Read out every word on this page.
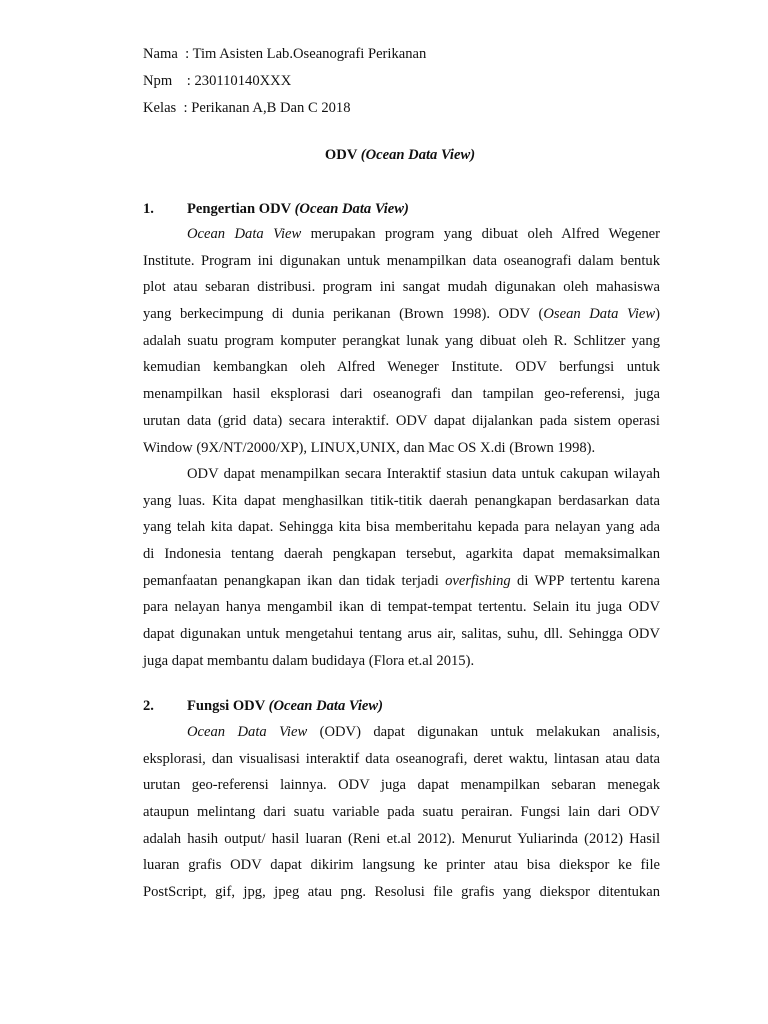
Nama  : Tim Asisten Lab.Oseanografi Perikanan
Npm    : 230110140XXX
Kelas  : Perikanan A,B Dan C 2018
ODV (Ocean Data View)
1. Pengertian ODV (Ocean Data View)
Ocean Data View merupakan program yang dibuat oleh Alfred Wegener
Institute. Program ini digunakan untuk menampilkan data oseanografi dalam bentuk
plot atau sebaran distribusi. program ini sangat mudah digunakan oleh mahasiswa
yang berkecimpung di dunia perikanan (Brown 1998). ODV (Osean Data View)
adalah suatu program komputer perangkat lunak yang dibuat oleh R. Schlitzer yang
kemudian kembangkan oleh Alfred Weneger Institute. ODV berfungsi untuk
menampilkan hasil eksplorasi dari oseanografi dan tampilan geo-referensi, juga
urutan data (grid data) secara interaktif. ODV dapat dijalankan pada sistem operasi
Window (9X/NT/2000/XP), LINUX,UNIX, dan Mac OS X.di (Brown 1998).
ODV dapat menampilkan secara Interaktif stasiun data untuk cakupan wilayah
yang luas. Kita dapat menghasilkan titik-titik daerah penangkapan berdasarkan data
yang telah kita dapat. Sehingga kita bisa memberitahu kepada para nelayan yang ada
di Indonesia tentang daerah pengkapan tersebut, agarkita dapat memaksimalkan
pemanfaatan penangkapan ikan dan tidak terjadi overfishing di WPP tertentu karena
para nelayan hanya mengambil ikan di tempat-tempat tertentu. Selain itu juga ODV
dapat digunakan untuk mengetahui tentang arus air, salitas, suhu, dll. Sehingga ODV
juga dapat membantu dalam budidaya (Flora et.al 2015).
2. Fungsi ODV (Ocean Data View)
Ocean Data View (ODV) dapat digunakan untuk melakukan analisis,
eksplorasi, dan visualisasi interaktif data oseanografi, deret waktu, lintasan atau data
urutan geo-referensi lainnya. ODV juga dapat menampilkan sebaran menegak
ataupun melintang dari suatu variable pada suatu perairan. Fungsi lain dari ODV
adalah hasih output/ hasil luaran (Reni et.al 2012). Menurut Yuliarinda (2012) Hasil
luaran grafis ODV dapat dikirim langsung ke printer atau bisa diekspor ke file
PostScript, gif, jpg, jpeg atau png. Resolusi file grafis yang diekspor ditentukan
